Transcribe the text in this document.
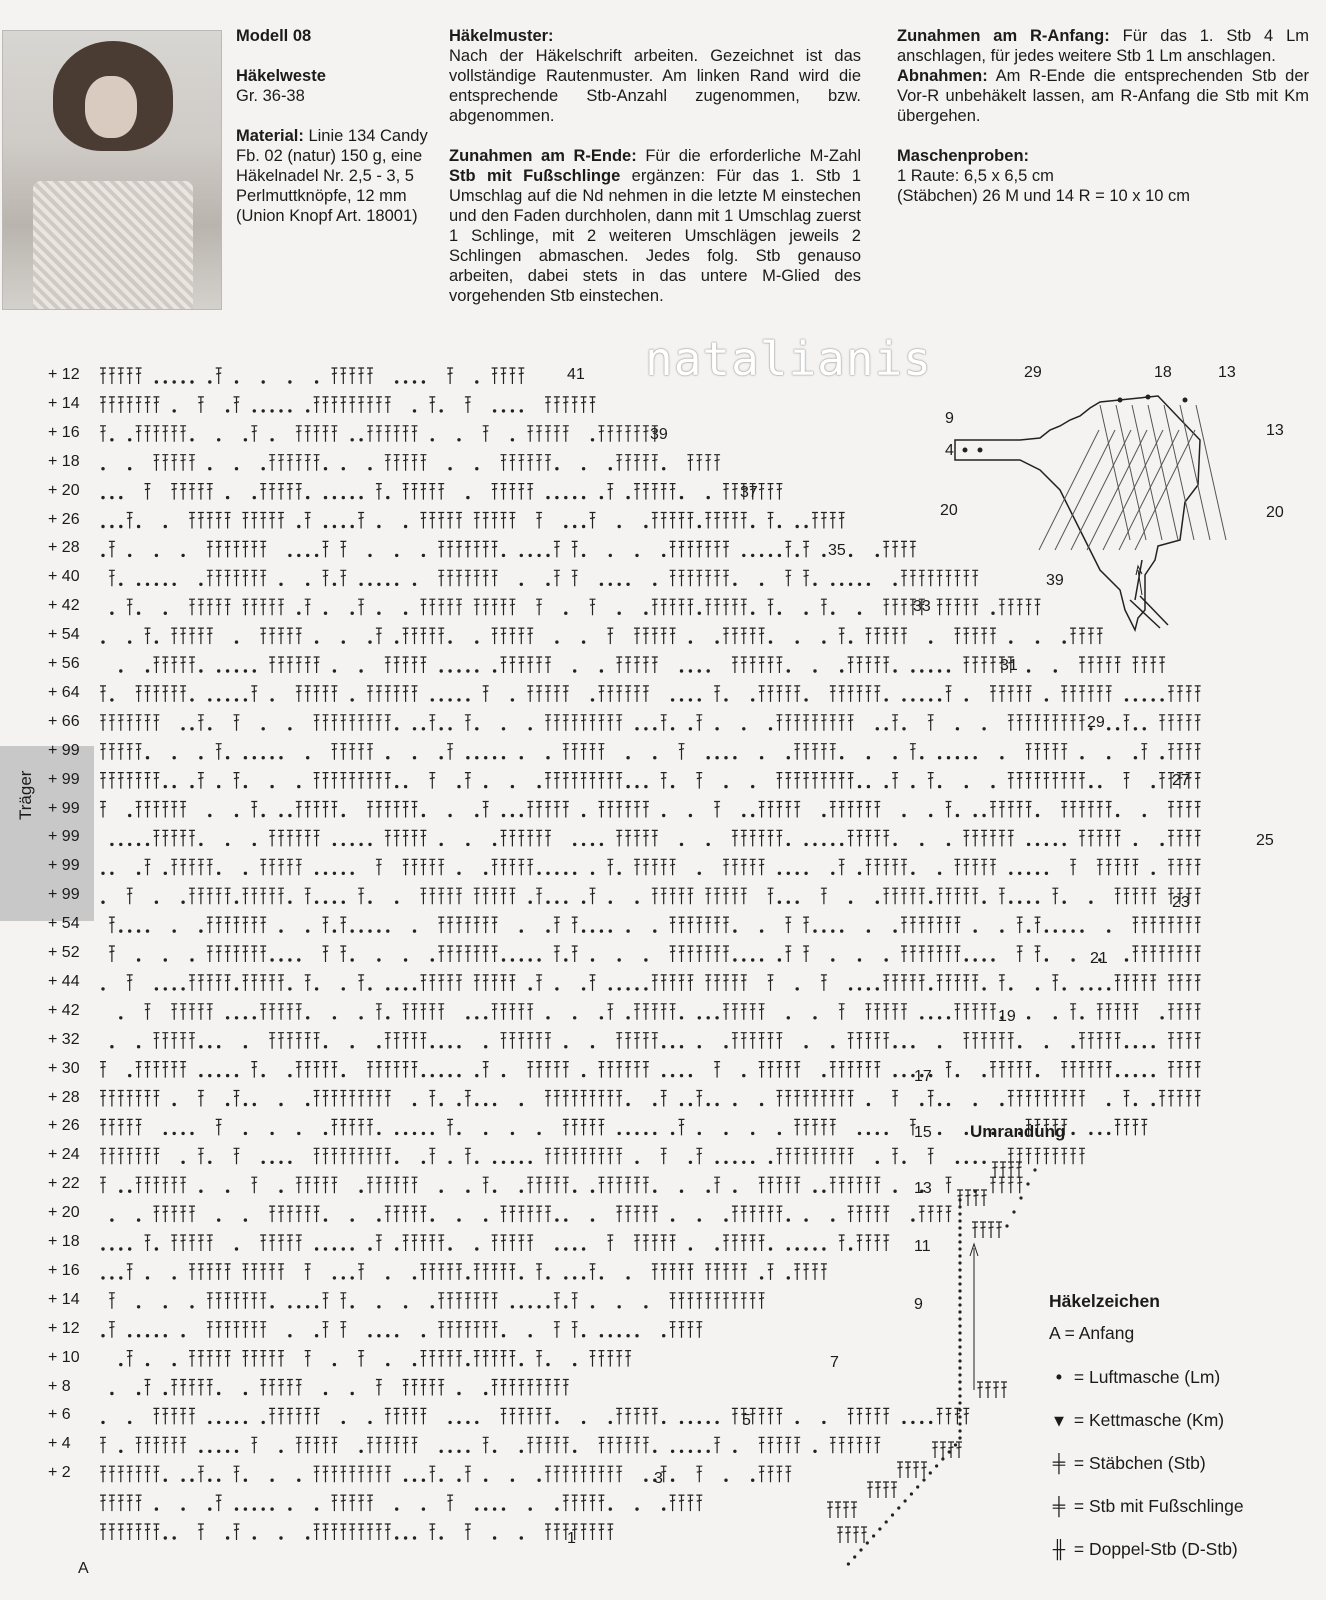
Modell 08

Häkelweste

Gr. 36-38

Material: Linie 134 Candy Fb. 02 (natur) 150 g, eine Häkelnadel Nr. 2,5 - 3, 5 Perlmuttknöpfe, 12 mm (Union Knopf Art. 18001)

Häkelmuster:

Nach der Häkelschrift arbeiten. Gezeichnet ist das vollständige Rautenmuster. Am linken Rand wird die entsprechende Stb-Anzahl zugenommen, bzw. abgenommen.

Zunahmen am R-Ende: Für die erforderliche M-Zahl Stb mit Fußschlinge ergänzen: Für das 1. Stb 1 Umschlag auf die Nd nehmen in die letzte M einstechen und den Faden durchholen, dann mit 1 Umschlag zuerst 1 Schlinge, mit 2 weiteren Umschlägen jeweils 2 Schlingen abmaschen. Jedes folg. Stb genauso arbeiten, dabei stets in das untere M-Glied des vorgehenden Stb einstechen.

Zunahmen am R-Anfang: Für das 1. Stb 4 Lm anschlagen, für jedes weitere Stb 1 Lm anschlagen.

Abnahmen: Am R-Ende die entsprechenden Stb der Vor-R unbehäkelt lassen, am R-Anfang die Stb mit Km übergehen.

Maschenproben:

1 Raute: 6,5 x 6,5 cm

(Stäbchen) 26 M und 14 R = 10 x 10 cm

natalianis
Träger
+ 12
+ 14
+ 16
+ 18
+ 20
+ 26
+ 28
+ 40
+ 42
+ 54
+ 56
+ 64
+ 66
+ 99
+ 99
+ 99
+ 99
+ 99
+ 99
+ 54
+ 52
+ 44
+ 42
+ 32
+ 30
+ 28
+ 26
+ 24
+ 22
+ 20
+ 18
+ 16
+ 14
+ 12
+ 10
+ 8
+ 6
+ 4
+ 2
A
41
39
37
35
33
31
29
27
25
23
21
19
17
15
13
11
9
7
5
3
1
29	18	13
9
4
13
20	20
39
Umrandung
Häkelzeichen
A = Anfang
• = Luftmasche (Lm)
▾ = Kettmasche (Km)
╪ = Stäbchen (Stb)
╪ = Stb mit Fußschlinge
╫ = Doppel-Stb (D-Stb)
